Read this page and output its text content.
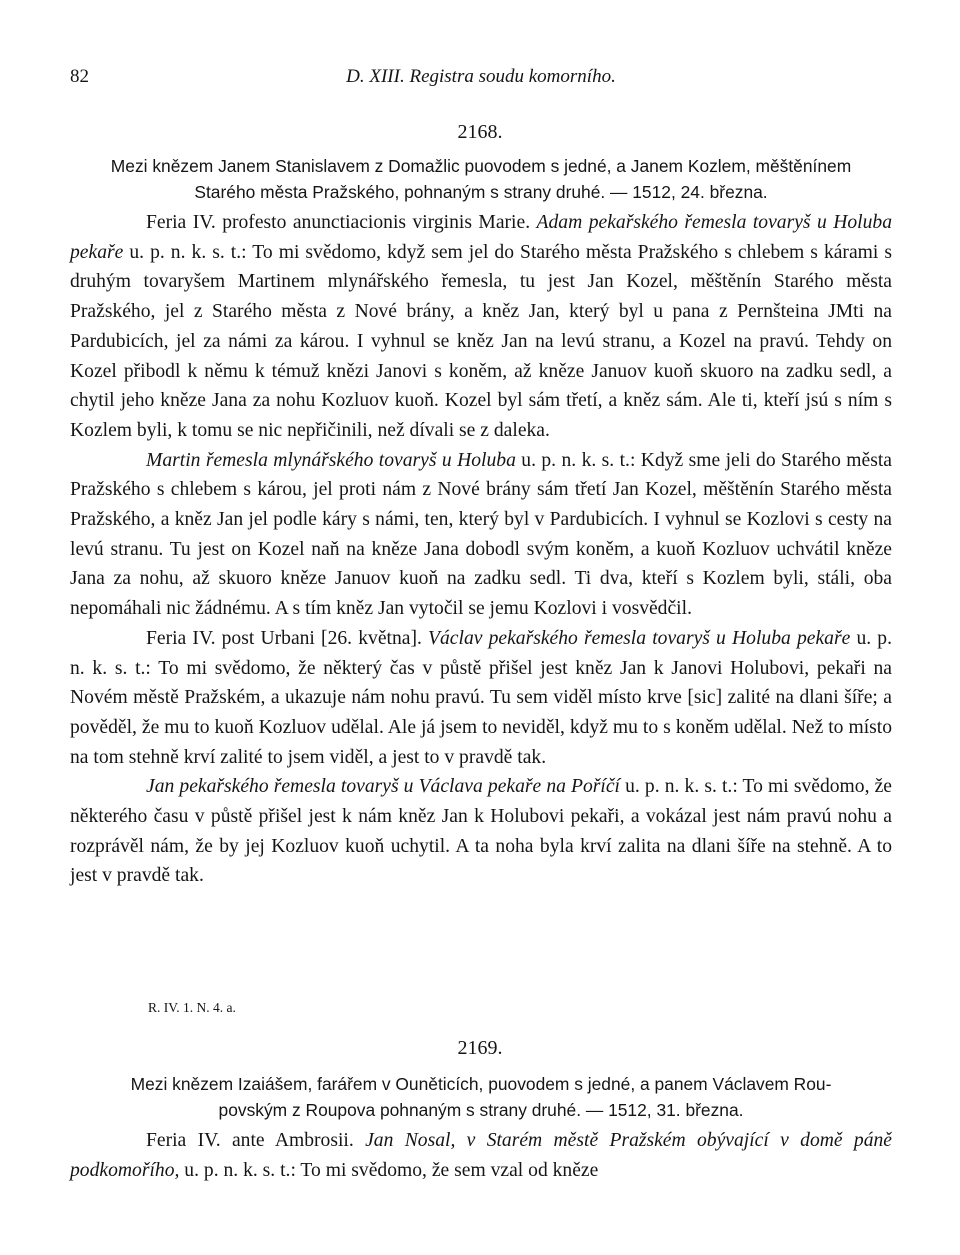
82	D. XIII. Registra soudu komorního.
2168.
Mezi knězem Janem Stanislavem z Domažlic puovodem s jedné, a Janem Kozlem, měštěnínem
Starého města Pražského, pohnaným s strany druhé. — 1512, 24. března.

Feria IV. profesto anunctiacionis virginis Marie. Adam pekařského řemesla tovaryš u Holuba pekaře u. p. n. k. s. t.: To mi svědomo, když sem jel do Starého města Pražského s chlebem s kárami s druhým tovaryšem Martinem mlynářského řemesla, tu jest Jan Kozel, měštěnín Starého města Pražského, jel z Starého města z Nové brány, a kněz Jan, který byl u pana z Pernšteina JMti na Pardubicích, jel za námi za károu. I vyhnul se kněz Jan na levú stranu, a Kozel na pravú. Tehdy on Kozel přibodl k němu k témuž knězi Janovi s koněm, až kněze Januov kuoň skuoro na zadku sedl, a chytil jeho kněze Jana za nohu Kozluov kuoň. Kozel byl sám třetí, a kněz sám. Ale ti, kteří jsú s ním s Kozlem byli, k tomu se nic nepřičinili, než dívali se z daleka.

Martin řemesla mlynářského tovaryš u Holuba u. p. n. k. s. t.: Když sme jeli do Starého města Pražského s chlebem s károu, jel proti nám z Nové brány sám třetí Jan Kozel, měštěnín Starého města Pražského, a kněz Jan jel podle káry s námi, ten, který byl v Pardubicích. I vyhnul se Kozlovi s cesty na levú stranu. Tu jest on Kozel naň na kněze Jana dobodl svým koněm, a kuoň Kozluov uchvátil kněze Jana za nohu, až skuoro kněze Januov kuoň na zadku sedl. Ti dva, kteří s Kozlem byli, stáli, oba nepomáhali nic žádnému. A s tím kněz Jan vytočil se jemu Kozlovi i vosvědčil.

Feria IV. post Urbani [26. května]. Václav pekařského řemesla tovaryš u Holuba pekaře u. p. n. k. s. t.: To mi svědomo, že některý čas v půstě přišel jest kněz Jan k Janovi Holubovi, pekaři na Novém městě Pražském, a ukazuje nám nohu pravú. Tu sem viděl místo krve [sic] zalité na dlani šíře; a pověděl, že mu to kuoň Kozluov udělal. Ale já jsem to neviděl, když mu to s koněm udělal. Než to místo na tom stehně krví zalité to jsem viděl, a jest to v pravdě tak.

Jan pekařského řemesla tovaryš u Václava pekaře na Poříčí u. p. n. k. s. t.: To mi svědomo, že některého času v půstě přišel jest k nám kněz Jan k Holubovi pekaři, a vokázal jest nám pravú nohu a rozprávěl nám, že by jej Kozluov kuoň uchytil. A ta noha byla krví zalita na dlani šíře na stehně. A to jest v pravdě tak.

R. IV. 1. N. 4. a.
2169.
Mezi knězem Izaiášem, farářem v Ouněticích, puovodem s jedné, a panem Václavem Rou-
povským z Roupova pohnaným s strany druhé. — 1512, 31. března.

Feria IV. ante Ambrosii. Jan Nosal, v Starém městě Pražském obývající v domě páně podkomořího, u. p. n. k. s. t.: To mi svědomo, že sem vzal od kněze
